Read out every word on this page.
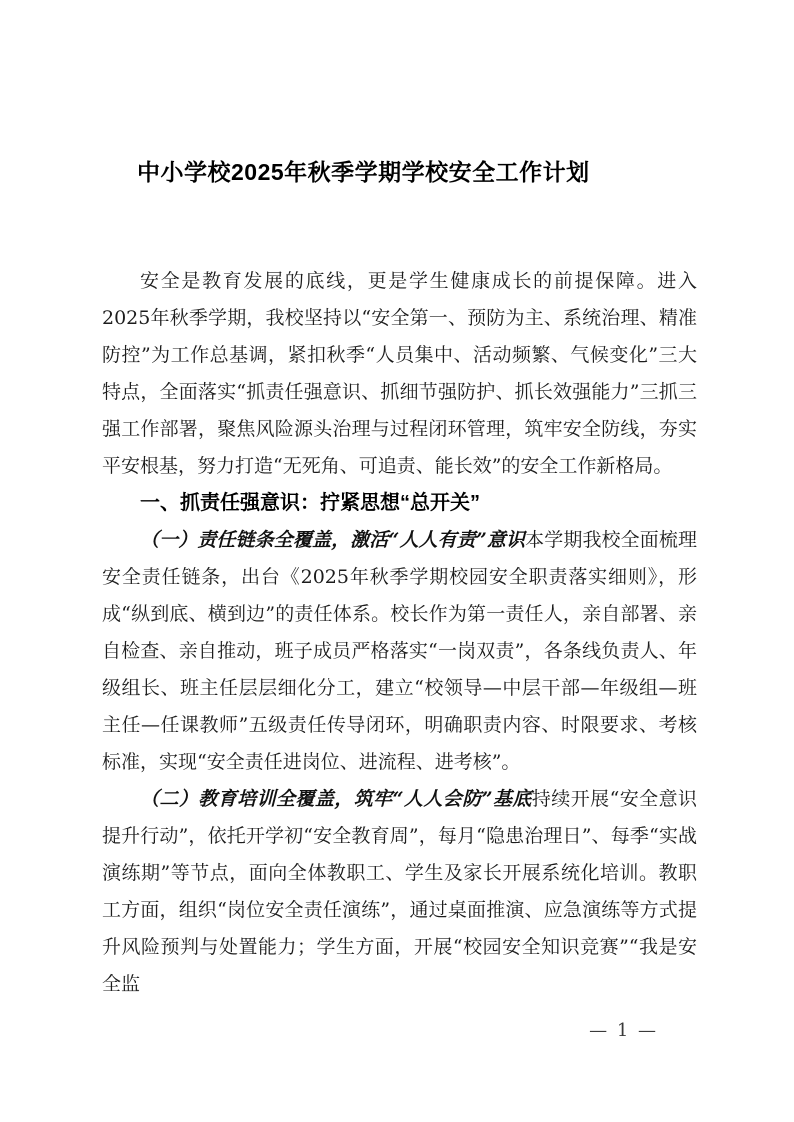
中小学校2025年秋季学期学校安全工作计划

安全是教育发展的底线，更是学生健康成长的前提保障。进入2025年秋季学期，我校坚持以“安全第一、预防为主、系统治理、精准防控”为工作总基调，紧扣秋季“人员集中、活动频繁、气候变化”三大特点，全面落实“抓责任强意识、抓细节强防护、抓长效强能力”三抓三强工作部署，聚焦风险源头治理与过程闭环管理，筑牢安全防线，夯实平安根基，努力打造“无死角、可追责、能长效”的安全工作新格局。

一、抓责任强意识：拧紧思想“总开关”

（一）责任链条全覆盖，激活“人人有责”意识本学期我校全面梳理安全责任链条，出台《2025年秋季学期校园安全职责落实细则》，形成“纵到底、横到边”的责任体系。校长作为第一责任人，亲自部署、亲自检查、亲自推动，班子成员严格落实“一岗双责”，各条线负责人、年级组长、班主任层层细化分工，建立“校领导—中层干部—年级组—班主任—任课教师”五级责任传导闭环，明确职责内容、时限要求、考核标准，实现“安全责任进岗位、进流程、进考核”。

（二）教育培训全覆盖，筑牢“人人会防”基底持续开展“安全意识提升行动”，依托开学初“安全教育周”，每月“隐患治理日”、每季“实战演练期”等节点，面向全体教职工、学生及家长开展系统化培训。教职工方面，组织“岗位安全责任演练”，通过桌面推演、应急演练等方式提升风险预判与处置能力；学生方面，开展“校园安全知识竞赛”“我是安全监

— 1 —
